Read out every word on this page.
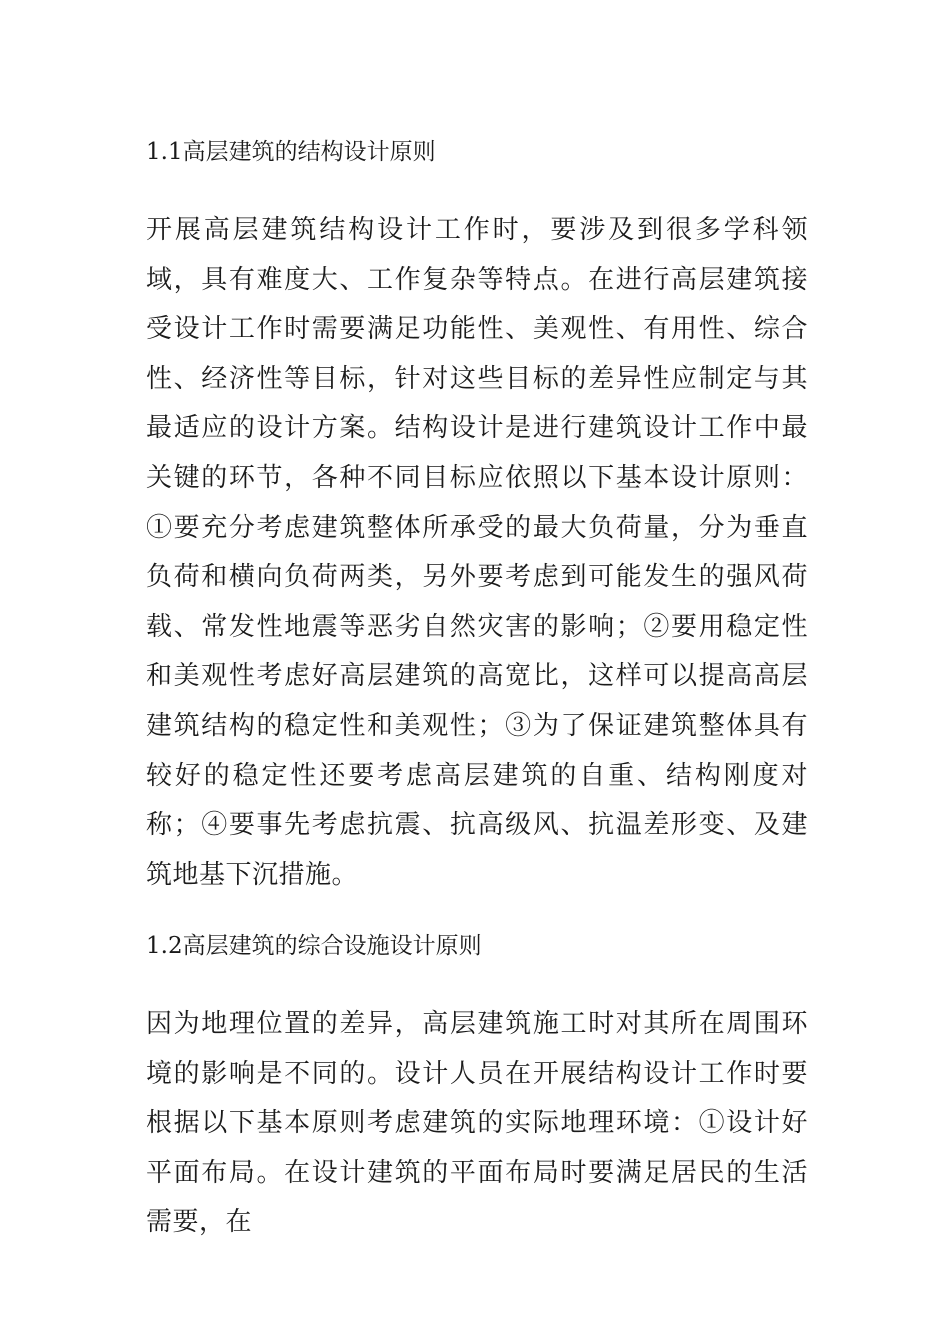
1.1高层建筑的结构设计原则

开展高层建筑结构设计工作时，要涉及到很多学科领域，具有难度大、工作复杂等特点。在进行高层建筑接受设计工作时需要满足功能性、美观性、有用性、综合性、经济性等目标，针对这些目标的差异性应制定与其最适应的设计方案。结构设计是进行建筑设计工作中最关键的环节，各种不同目标应依照以下基本设计原则：①要充分考虑建筑整体所承受的最大负荷量，分为垂直负荷和横向负荷两类，另外要考虑到可能发生的强风荷载、常发性地震等恶劣自然灾害的影响；②要用稳定性和美观性考虑好高层建筑的高宽比，这样可以提高高层建筑结构的稳定性和美观性；③为了保证建筑整体具有较好的稳定性还要考虑高层建筑的自重、结构刚度对称；④要事先考虑抗震、抗高级风、抗温差形变、及建筑地基下沉措施。

1.2高层建筑的综合设施设计原则

因为地理位置的差异，高层建筑施工时对其所在周围环境的影响是不同的。设计人员在开展结构设计工作时要根据以下基本原则考虑建筑的实际地理环境：①设计好平面布局。在设计建筑的平面布局时要满足居民的生活需要，在
